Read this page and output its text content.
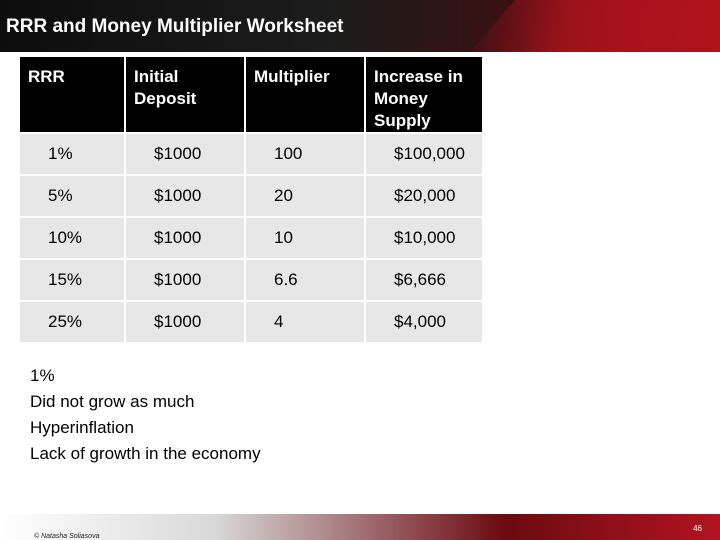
RRR and Money Multiplier Worksheet
RRR	Initial Deposit	Multiplier	Increase in Money Supply
1%	$1000	100	$100,000
5%	$1000	20	$20,000
10%	$1000	10	$10,000
15%	$1000	6.6	$6,666
25%	$1000	4	$4,000
1%
Did not grow as much
Hyperinflation
Lack of growth in the economy
© Natasha Soliasova
46
